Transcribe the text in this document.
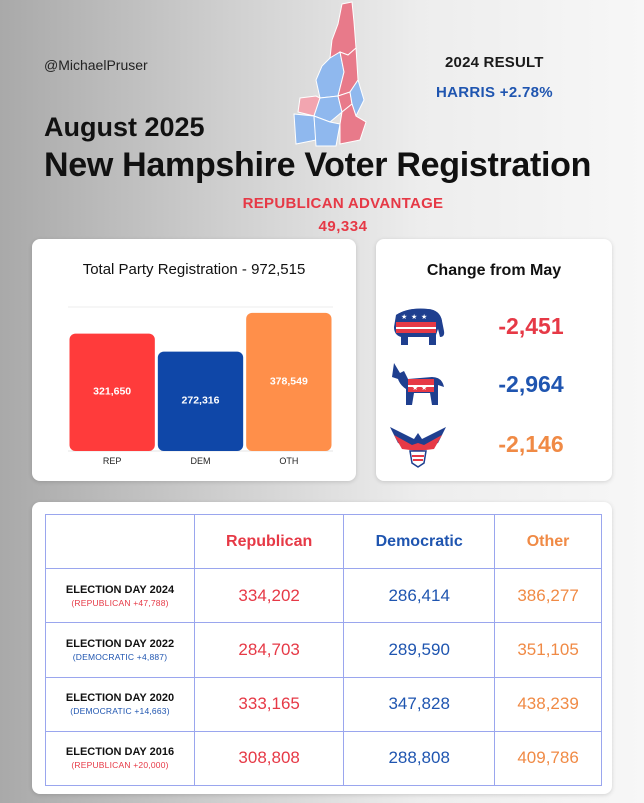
@MichaelPruser	2024 RESULT
HARRIS +2.78%
August 2025
New Hampshire Voter Registration
REPUBLICAN ADVANTAGE
49,334
Total Party Registration - 972,515
321,650
REP
272,316
DEM
378,549
OTH
Change from May
★ ★ ★	-2,451
★ ★	-2,964
-2,146
	Republican	Democratic	Other

ELECTION DAY 2024
(REPUBLICAN +47,788)	334,202	286,414	386,277

ELECTION DAY 2022
(DEMOCRATIC +4,887)	284,703	289,590	351,105

ELECTION DAY 2020
(DEMOCRATIC +14,663)	333,165	347,828	438,239

ELECTION DAY 2016
(REPUBLICAN +20,000)	308,808	288,808	409,786
